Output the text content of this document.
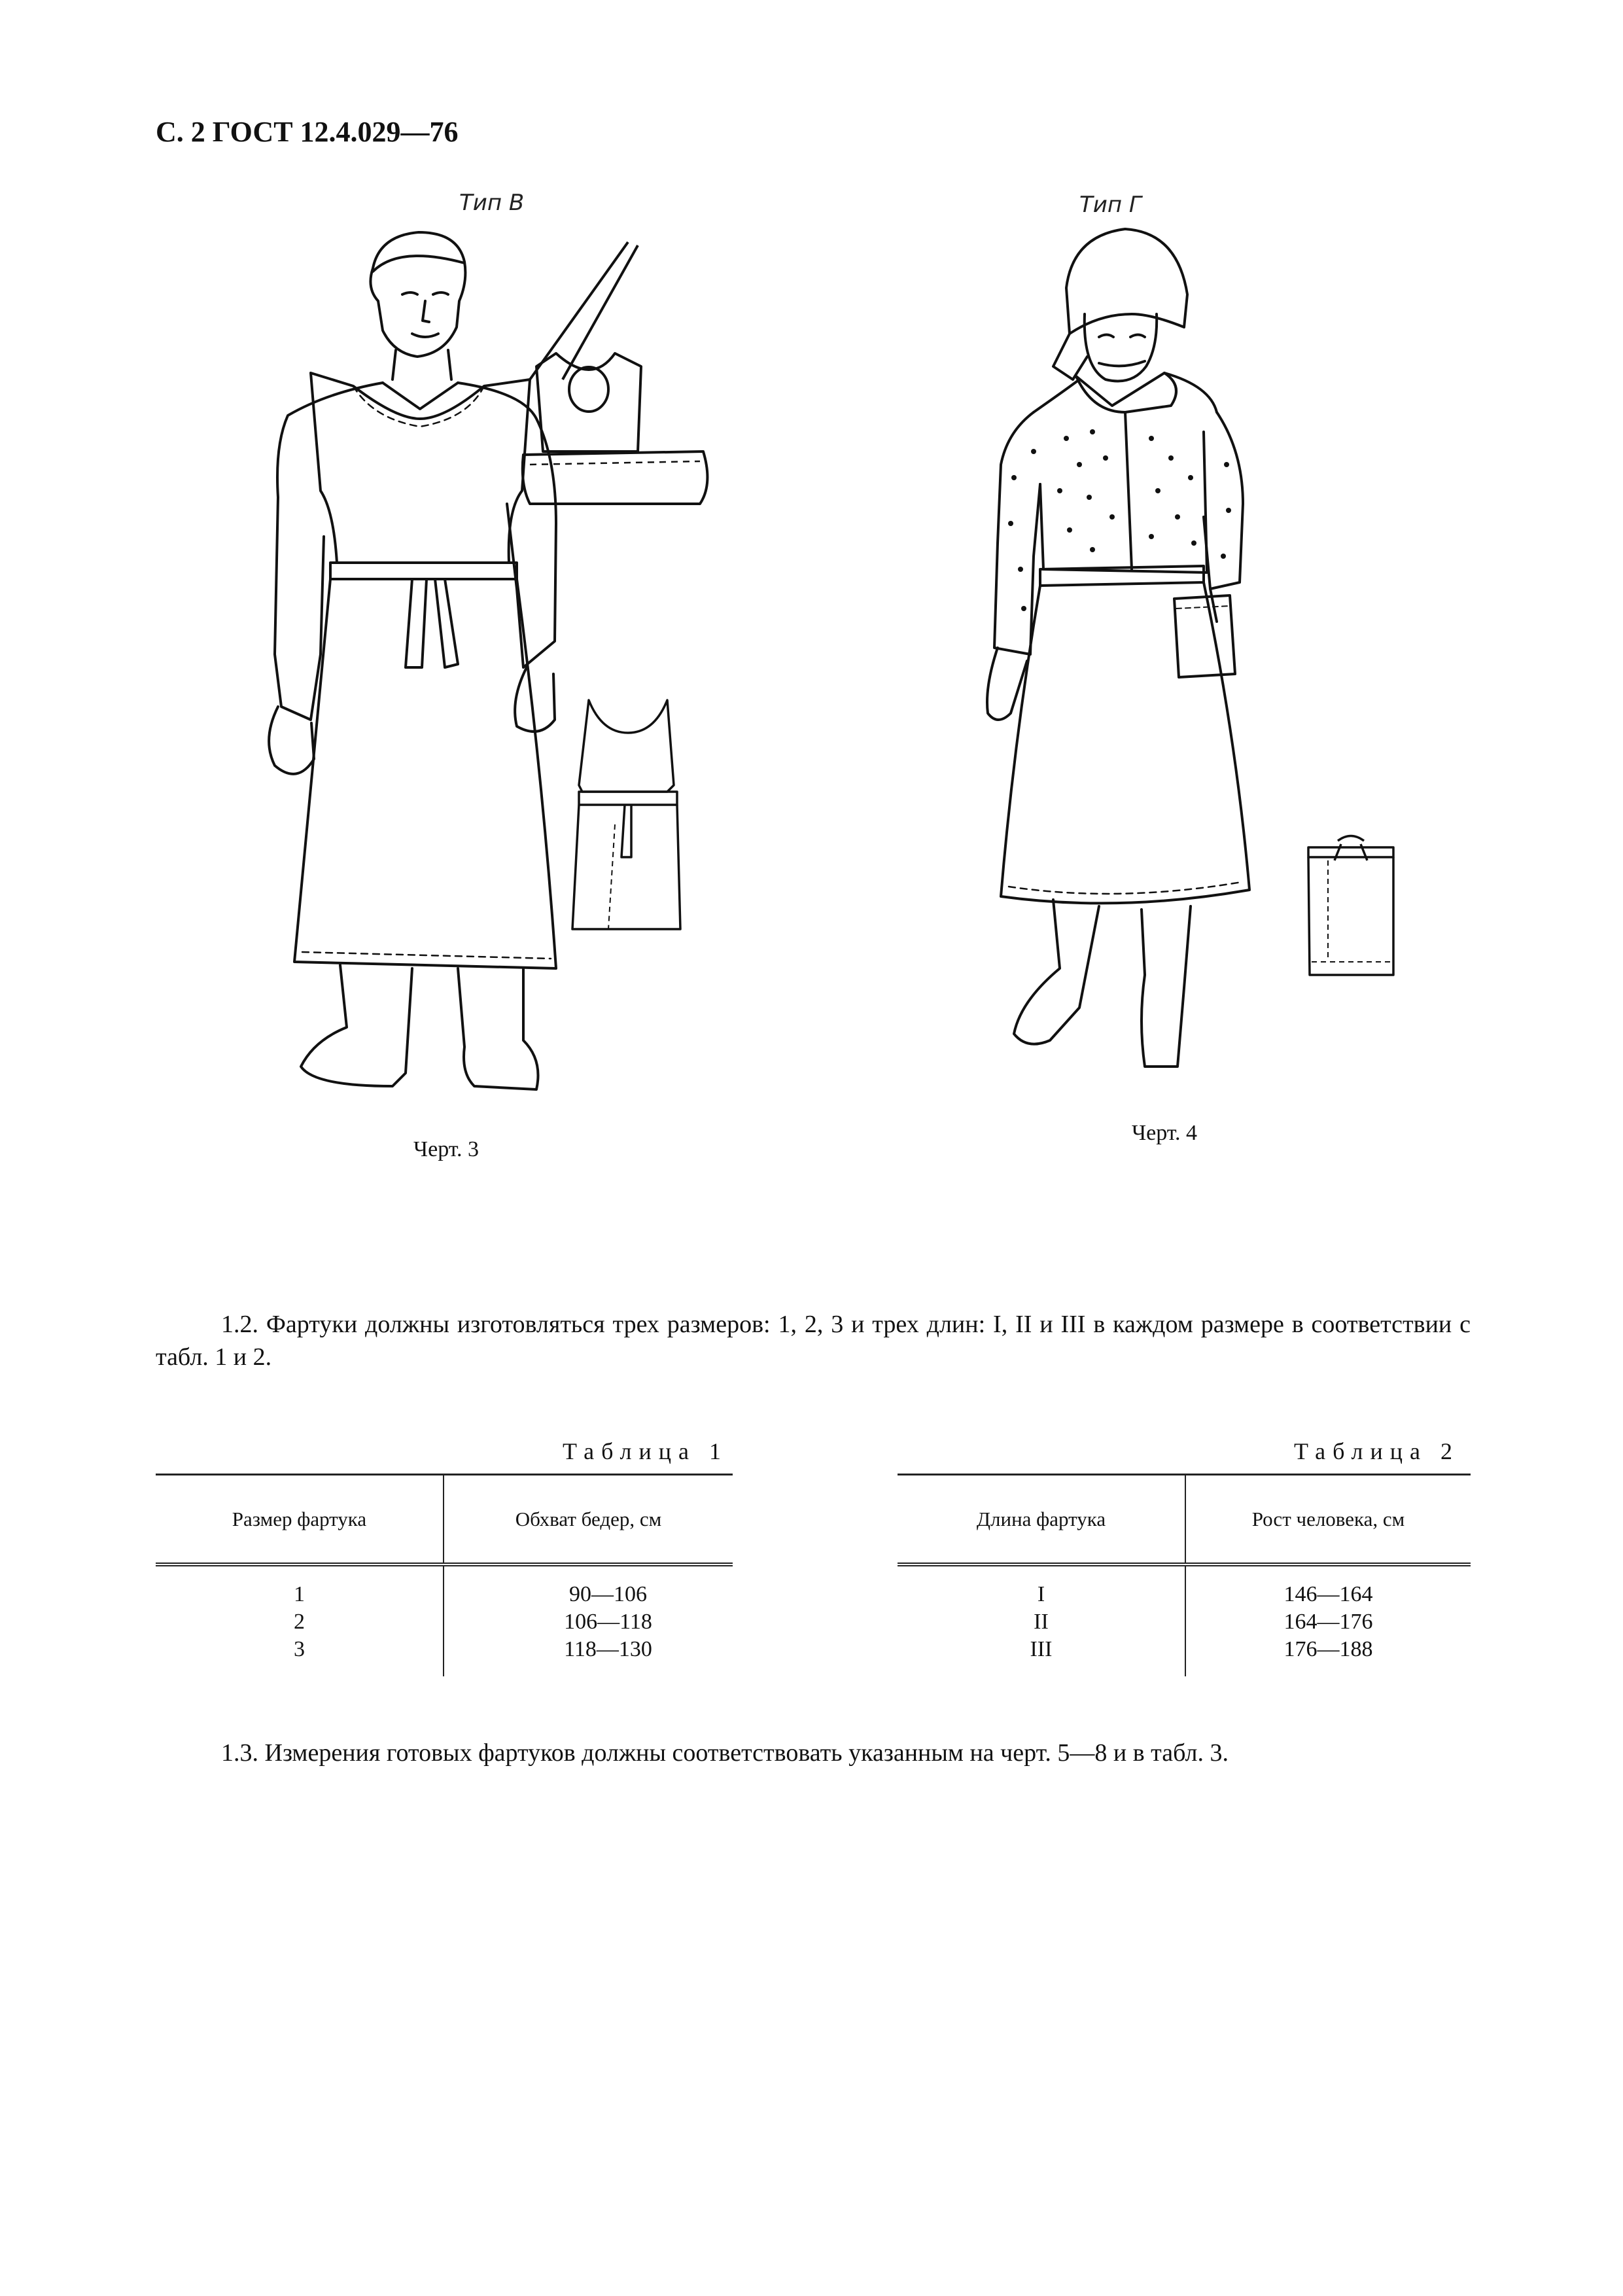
С. 2 ГОСТ 12.4.029—76
Тип В
Черт. 3
Тип Г
Черт. 4
1.2. Фартуки должны изготовляться трех размеров: 1, 2, 3 и трех длин: I, II и III в каждом размере в соответствии с табл. 1 и 2.
Таблица 1
Размер фартука	Обхват бедер, см
1	90—106
2	106—118
3	118—130
Таблица 2
Длина фартука	Рост человека, см
I	146—164
II	164—176
III	176—188
1.3. Измерения готовых фартуков должны соответствовать указанным на черт. 5—8 и в табл. 3.
